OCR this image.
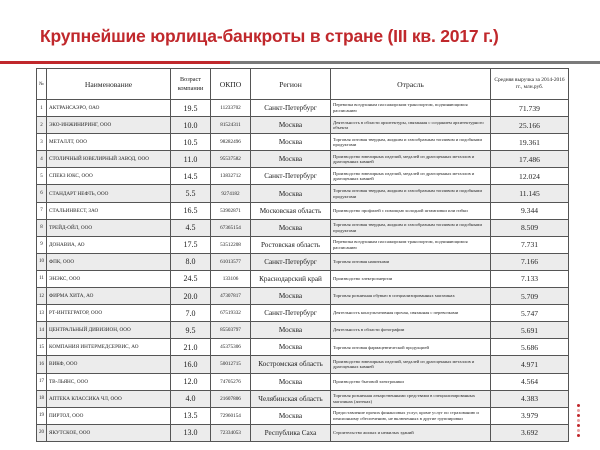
Крупнейшие юрлица-банкроты в стране (III кв. 2017 г.)
№	Наименование	Возраст компании	ОКПО	Регион	Отрасль	Средняя выручка за 2014-2016 гг., млн.руб.
1	АКТРАНСАЭРО, ОАО	19.5	11233702	Санкт-Петербург	Перевозка воздушным пассажирским транспортом, подчиняющимся расписанию	71.739
2	ЭКО-ИНЖИНИРИНГ, ООО	10.0	81524311	Москва	Деятельность в области архитектуры, связанная с созданием архитектурного объекта	25.166
3	МЕТАЛЛТ, ООО	10.5	98282496	Москва	Торговля оптовая твердым, жидким и газообразным топливом и подобными продуктами	19.361
4	СТОЛИЧНЫЙ ЮВЕЛИРНЫЙ ЗАВОД, ООО	11.0	95537582	Москва	Производство ювелирных изделий, медалей из драгоценных металлов и драгоценных камней	17.486
5	СПЕКЗ ЮКС, ООО	14.5	13832712	Санкт-Петербург	Производство ювелирных изделий, медалей из драгоценных металлов и драгоценных камней	12.024
6	СТАНДАРТ НЕФТЬ, ООО	5.5	9274182	Москва	Торговля оптовая твердым, жидким и газообразным топливом и подобными продуктами	11.145
7	СТАЛЬИНВЕСТ, ЗАО	16.5	53902871	Московская область	Производство профилей с помощью холодной штамповки или гибки	9.344
8	ТРЕЙД-ОЙЛ, ООО	4.5	67365154	Москва	Торговля оптовая твердым, жидким и газообразным топливом и подобными продуктами	8.509
9	ДОНАВИА, АО	17.5	53512208	Ростовская область	Перевозка воздушным пассажирским транспортом, подчиняющимся расписанию	7.731
10	ФПК, ООО	8.0	61013577	Санкт-Петербург	Торговля оптовая напитками	7.166
11	ЭНЭКС, ООО	24.5	133106	Краснодарский край	Производство электроэнергии	7.133
12	ФИРМА ХИТА, АО	20.0	47307817	Москва	Торговля розничная обувью в специализированных магазинах	5.709
13	РТ-ИНТЕГРАТОР, ООО	7.0	67519332	Санкт-Петербург	Деятельность консультативная прочая, связанная с перевозками	5.747
14	ЦЕНТРАЛЬНЫЙ ДИВИЗИОН, ООО	9.5	85503797	Москва	Деятельность в области фотографии	5.691
15	КОМПАНИЯ ИНТЕРМЕДСЕРВИС, АО	21.0	45375306	Москва	Торговля оптовая фармацевтической продукцией	5.686
16	ВИКФ, ООО	16.0	50012715	Костромская область	Производство ювелирных изделий, медалей из драгоценных металлов и драгоценных камней	4.971
17	ТВ-ЛЬЯНС, ООО	12.0	74705276	Москва	Производство бытовой электроники	4.564
18	АПТЕКА КЛАССИКА ЧЛ, ООО	4.0	21607806	Челябинская область	Торговля розничная лекарственными средствами в специализированных магазинах (аптеках)	4.383
19	ПИРТОЛ, ООО	13.5	72960154	Москва	Предоставление прочих финансовых услуг, кроме услуг по страхованию и пенсионному обеспечению, не включенных в другие группировки	3.979
20	ЯКУТСКОЕ, ООО	13.0	72334053	Республика Саха	Строительство жилых и нежилых зданий	3.692
